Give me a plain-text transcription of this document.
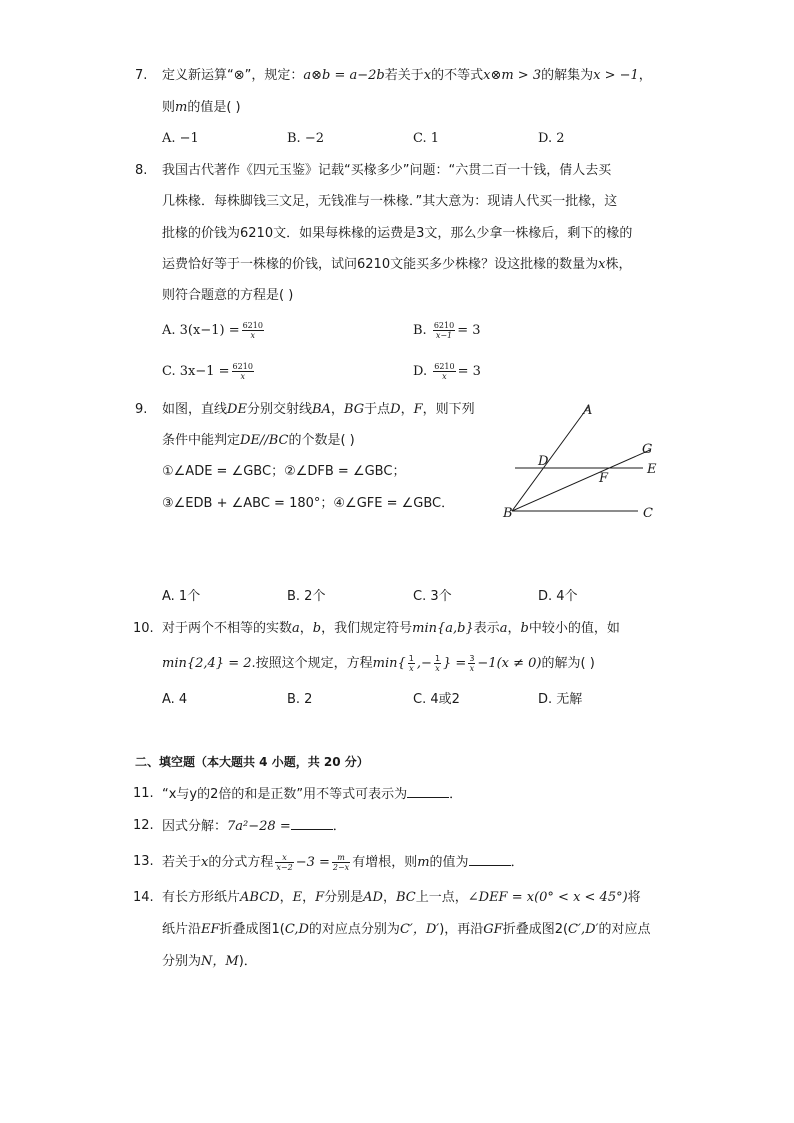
7. 定义新运算“⊗”，规定：a⊗b = a−2b若关于x的不等式x⊗m > 3的解集为x > −1，
则m的值是( )
A. −1	B. −2	C. 1	D. 2
8. 我国古代著作《四元玉鉴》记载“买椽多少”问题：“六贯二百一十钱，倩人去买
几株椽．每株脚钱三文足，无钱准与一株椽．”其大意为：现请人代买一批椽，这
批椽的价钱为6210文．如果每株椽的运费是3文，那么少拿一株椽后，剩下的椽的
运费恰好等于一株椽的价钱，试问6210文能买多少株椽？设这批椽的数量为x株，
则符合题意的方程是( )
A. $3(x-1) = \frac{6210}{x}$	B. $\frac{6210}{x-1} = 3$
C. $3x-1 = \frac{6210}{x}$	D. $\frac{6210}{x} = 3$
9. 如图，直线DE分别交射线BA，BG于点D，F，则下列
条件中能判定DE//BC的个数是( )
①∠ADE = ∠GBC；②∠DFB = ∠GBC；
③∠EDB + ∠ABC = 180°；④∠GFE = ∠GBC．
A
D
G
E
F
B	C
A. 1个	B. 2个	C. 3个	D. 4个
10. 对于两个不相等的实数a，b，我们规定符号min{a,b}表示a，b中较小的值，如
min{2,4} = 2.按照这个规定，方程$\min\{ \frac{1}{x}$ ,− $\frac{1}{x}$ } = $\frac{3}{x} -1(x \ne 0)$的解为( )
A. 4	B. 2	C. 4或2	D. 无解
二、填空题（本大题共 4 小题，共 20 分）
11. “x与y的2倍的和是正数”用不等式可表示为	．
12. 因式分解：7a²−28 =	．
13. 若关于x的分式方程 $\frac{x}{x-2} -3 = \frac{m}{2-x}$ 有增根，则m的值为	．
14. 有长方形纸片ABCD，E，F分别是AD，BC上一点，∠DEF = x(0° < x < 45°)将
纸片沿EF折叠成图1(C,D的对应点分别为C′，D′)，再沿GF折叠成图2(C′,D′的对应点
分别为N，M)．
